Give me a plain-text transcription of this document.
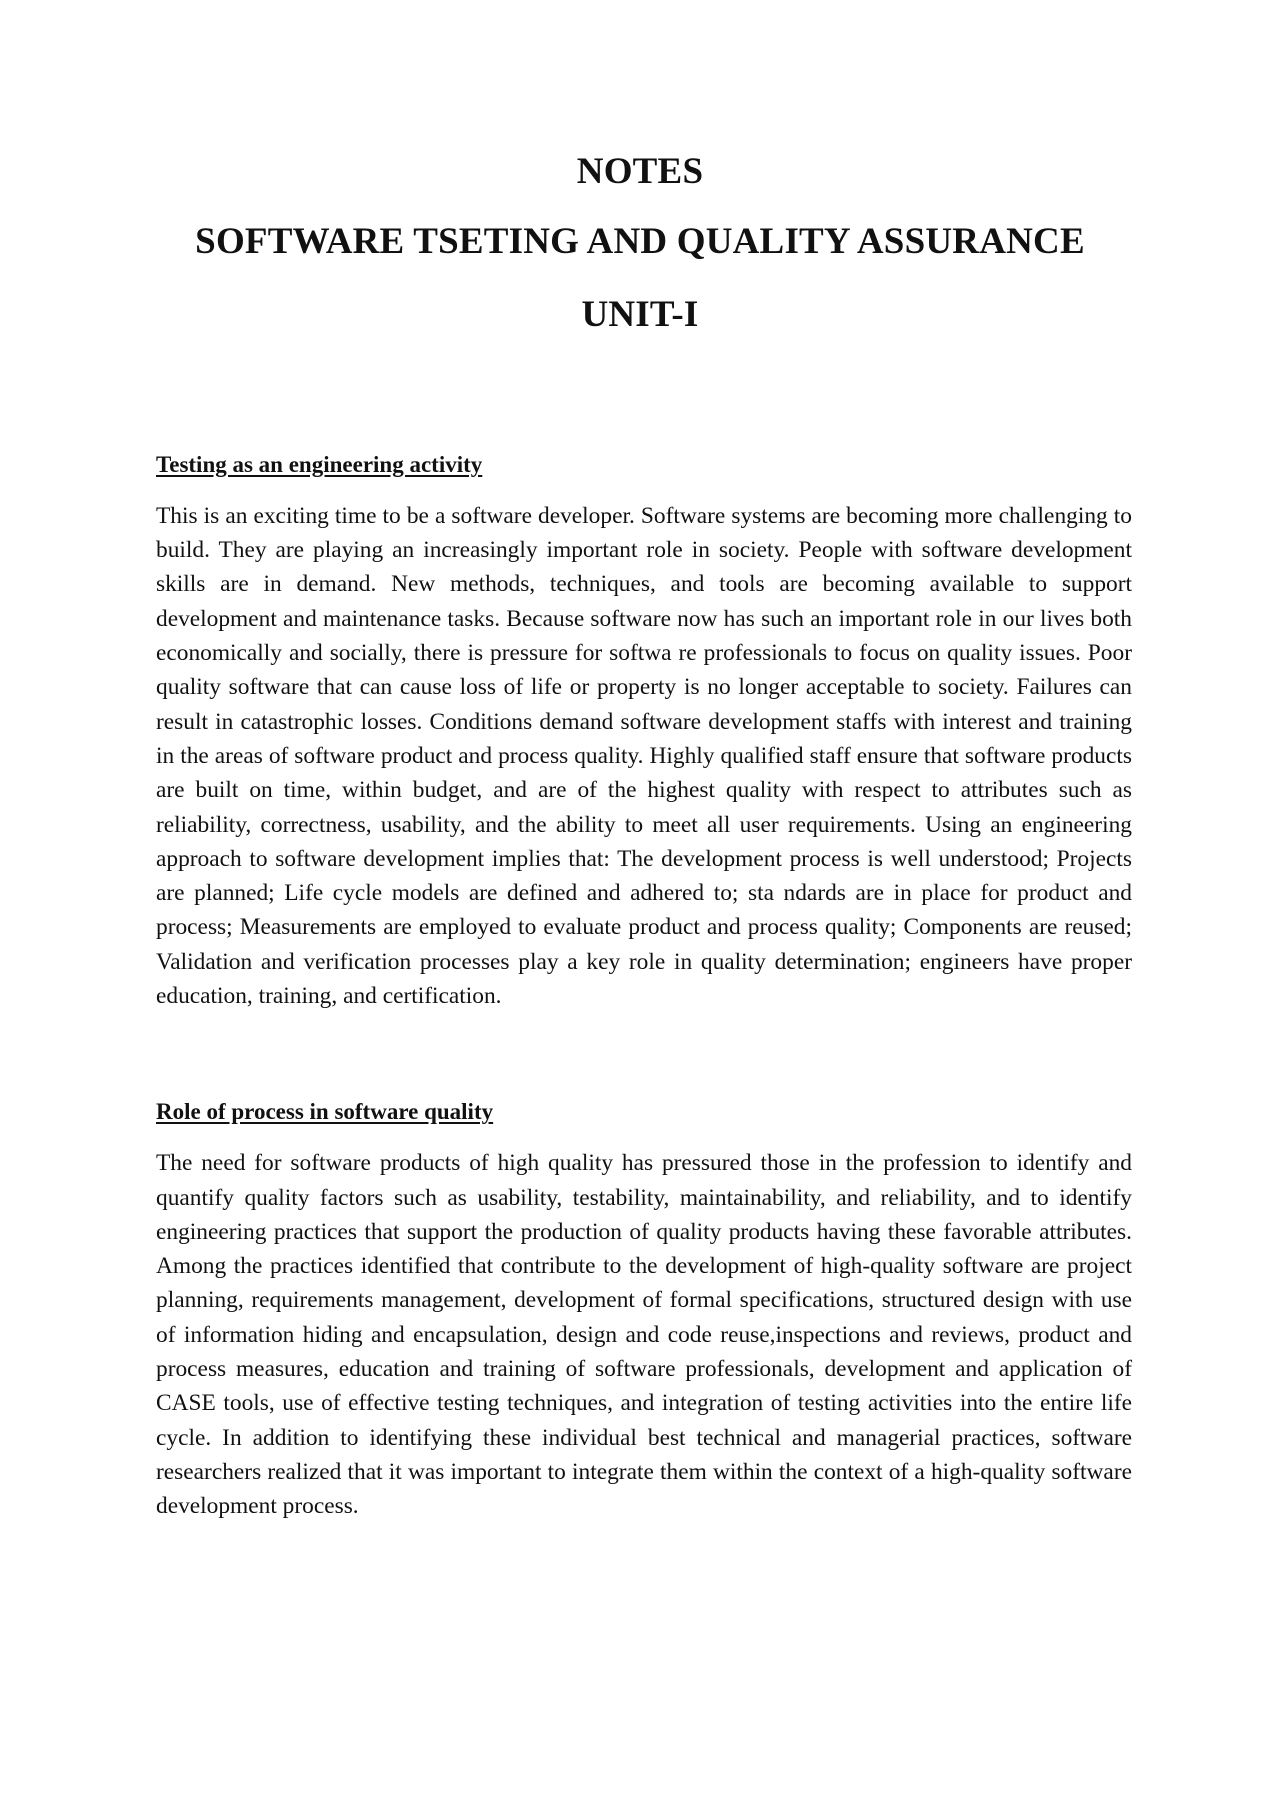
NOTES
SOFTWARE TSETING AND QUALITY ASSURANCE
UNIT-I
Testing as an engineering activity

This is an exciting time to be a software developer. Software systems are becoming more challenging to build. They are playing an increasingly important role in society. People with software development skills are in demand. New methods, techniques, and tools are becoming available to support development and maintenance tasks. Because software now has such an important role in our lives both economically and socially, there is pressure for softwa re professionals to focus on quality issues. Poor quality software that can cause loss of life or property is no longer acceptable to society. Failures can result in catastrophic losses. Conditions demand software development staffs with interest and training in the areas of software product and process quality. Highly qualified staff ensure that software products are built on time, within budget, and are of the highest quality with respect to attributes such as reliability, correctness, usability, and the ability to meet all user requirements. Using an engineering approach to software development implies that: The development process is well understood; Projects are planned; Life cycle models are defined and adhered to; sta ndards are in place for product and process; Measurements are employed to evaluate product and process quality; Components are reused; Validation and verification processes play a key role in quality determination; engineers have proper education, training, and certification.

Role of process in software quality

The need for software products of high quality has pressured those in the profession to identify and quantify quality factors such as usability, testability, maintainability, and reliability, and to identify engineering practices that support the production of quality products having these favorable attributes. Among the practices identified that contribute to the development of high-quality software are project planning, requirements management, development of formal specifications, structured design with use of information hiding and encapsulation, design and code reuse,inspections and reviews, product and process measures, education and training of software professionals, development and application of CASE tools, use of effective testing techniques, and integration of testing activities into the entire life cycle. In addition to identifying these individual best technical and managerial practices, software researchers realized that it was important to integrate them within the context of a high-quality software development process.
